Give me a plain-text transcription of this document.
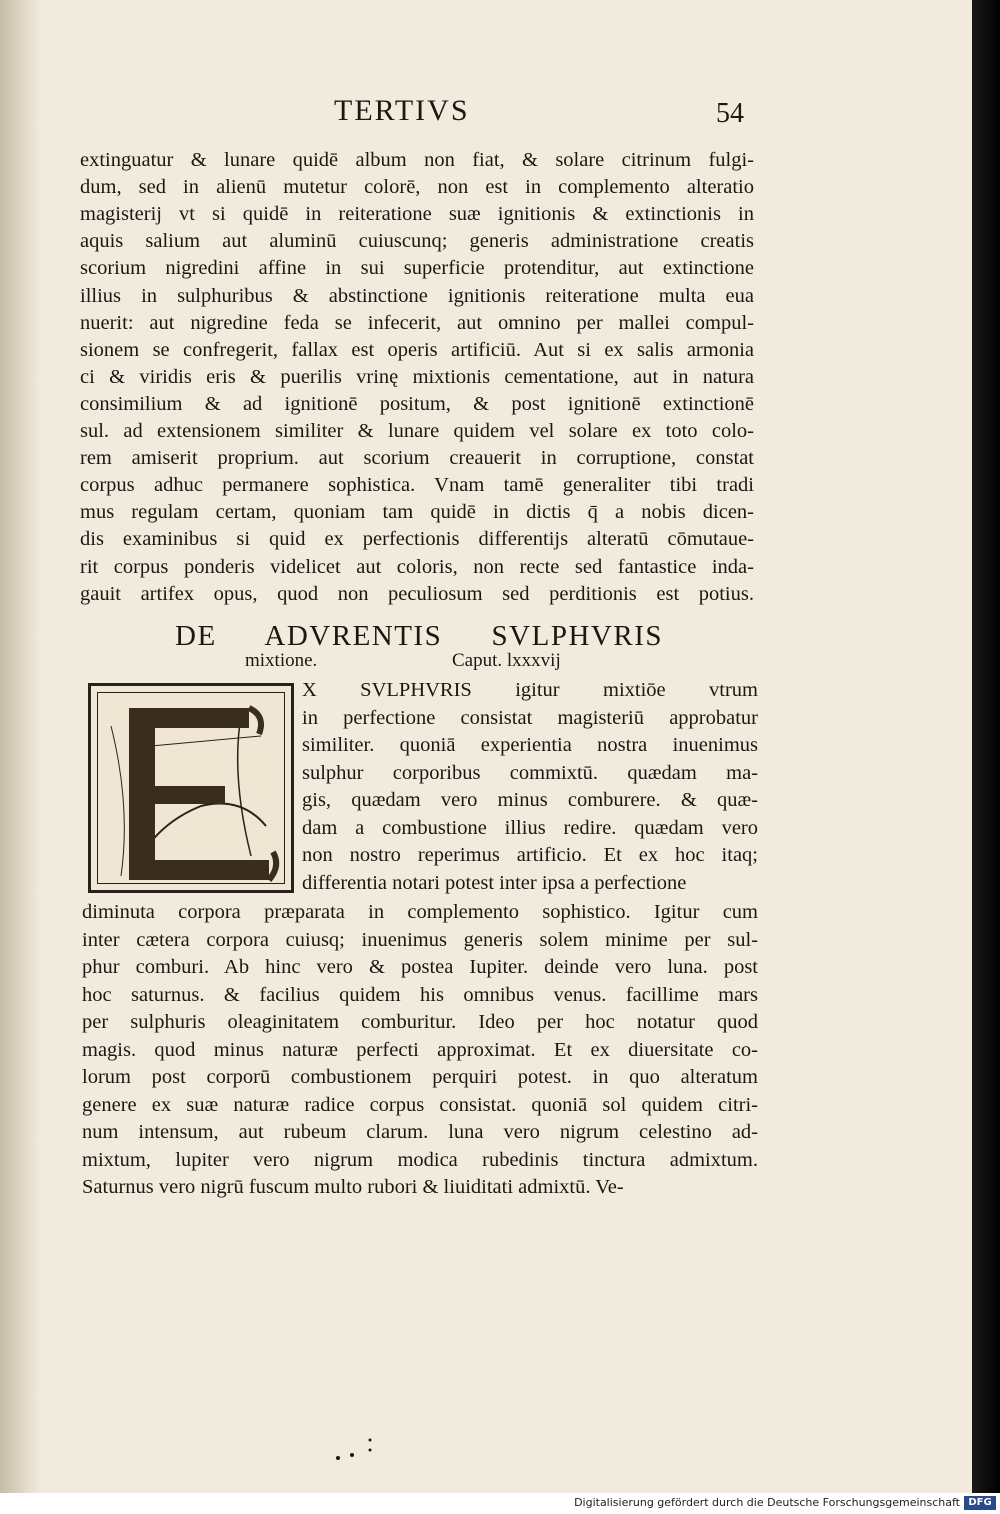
TERTIVS	54
extinguatur & lunare quidē album non fiat, & solare citrinum fulgi-
dum, sed in alienū mutetur colorē, non est in complemento alteratio
magisterij vt si quidē in reiteratione suæ ignitionis & extinctionis in
aquis salium aut aluminū cuiuscunq; generis administratione creatis
scorium nigredini affine in sui superficie protenditur, aut extinctione
illius in sulphuribus & abstinctione ignitionis reiteratione multa eua
nuerit: aut nigredine feda se infecerit, aut omnino per mallei compul-
sionem se confregerit, fallax est operis artificiū. Aut si ex salis armonia
ci & viridis eris & puerilis vrinę mixtionis cementatione, aut in natura
consimilium & ad ignitionē positum, & post ignitionē extinctionē
sul. ad extensionem similiter & lunare quidem vel solare ex toto colo-
rem amiserit proprium. aut scorium creauerit in corruptione, constat
corpus adhuc permanere sophistica. Vnam tamē generaliter tibi tradi
mus regulam certam, quoniam tam quidē in dictis q̄ a nobis dicen-
dis examinibus si quid ex perfectionis differentijs alteratū cōmutaue-
rit corpus ponderis videlicet aut coloris, non recte sed fantastice inda-
gauit artifex opus, quod non peculiosum sed perditionis est potius.
DE ADVRENTIS SVLPHVRIS
mixtione.	Caput. lxxxvij
X SVLPHVRIS igitur mixtiōe vtrum
in perfectione consistat magisteriū approbatur
similiter. quoniā experientia nostra inuenimus
sulphur corporibus commixtū. quædam ma-
gis, quædam vero minus comburere. & quæ-
dam a combustione illius redire. quædam vero
non nostro reperimus artificio. Et ex hoc itaq;
differentia notari potest inter ipsa a perfectione
diminuta corpora præparata in complemento sophistico. Igitur cum
inter cætera corpora cuiusq; inuenimus generis solem minime per sul-
phur comburi. Ab hinc vero & postea Iupiter. deinde vero luna. post
hoc saturnus. & facilius quidem his omnibus venus. facillime mars
per sulphuris oleaginitatem comburitur. Ideo per hoc notatur quod
magis. quod minus naturæ perfecti approximat. Et ex diuersitate co-
lorum post corporū combustionem perquiri potest. in quo alteratum
genere ex suæ naturæ radice corpus consistat. quoniā sol quidem citri-
num intensum, aut rubeum clarum. luna vero nigrum celestino ad-
mixtum, lupiter vero nigrum modica rubedinis tinctura admixtum.
Saturnus vero nigrū fuscum multo rubori & liuiditati admixtū. Ve-
Digitalisierung gefördert durch die Deutsche Forschungsgemeinschaft DFG
